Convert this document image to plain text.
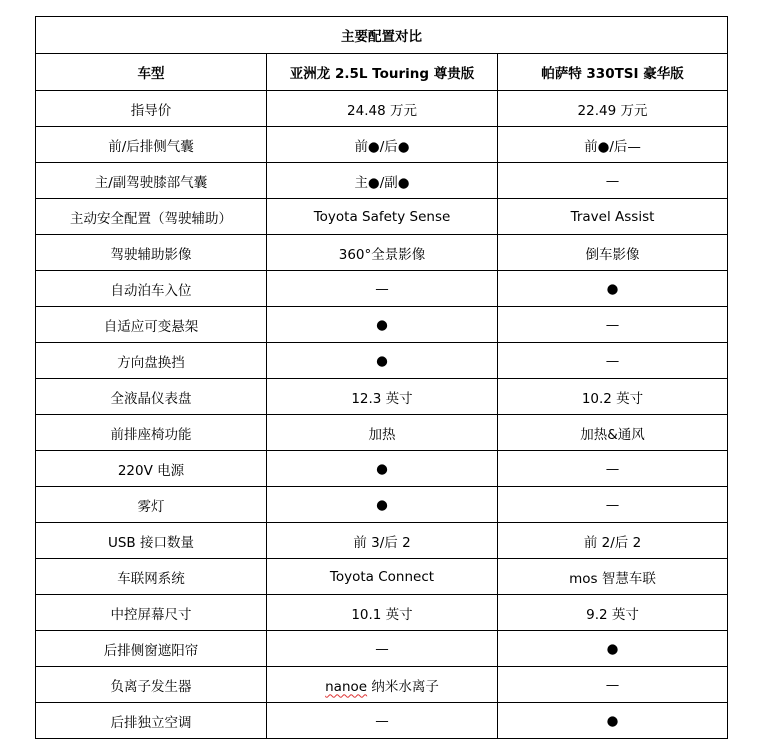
主要配置对比		
车型	亚洲龙 2.5L Touring 尊贵版	帕萨特 330TSI 豪华版
指导价	24.48 万元	22.49 万元
前/后排侧气囊	前●/后●	前●/后—
主/副驾驶膝部气囊	主●/副●	—
主动安全配置（驾驶辅助）	Toyota Safety Sense	Travel Assist
驾驶辅助影像	360°全景影像	倒车影像
自动泊车入位	—	●
自适应可变悬架	●	—
方向盘换挡	●	—
全液晶仪表盘	12.3 英寸	10.2 英寸
前排座椅功能	加热	加热&通风
220V 电源	●	—
雾灯	●	—
USB 接口数量	前 3/后 2	前 2/后 2
车联网系统	Toyota Connect	mos 智慧车联
中控屏幕尺寸	10.1 英寸	9.2 英寸
后排侧窗遮阳帘	—	●
负离子发生器	nanoe 纳米水离子	—
后排独立空调	—	●
